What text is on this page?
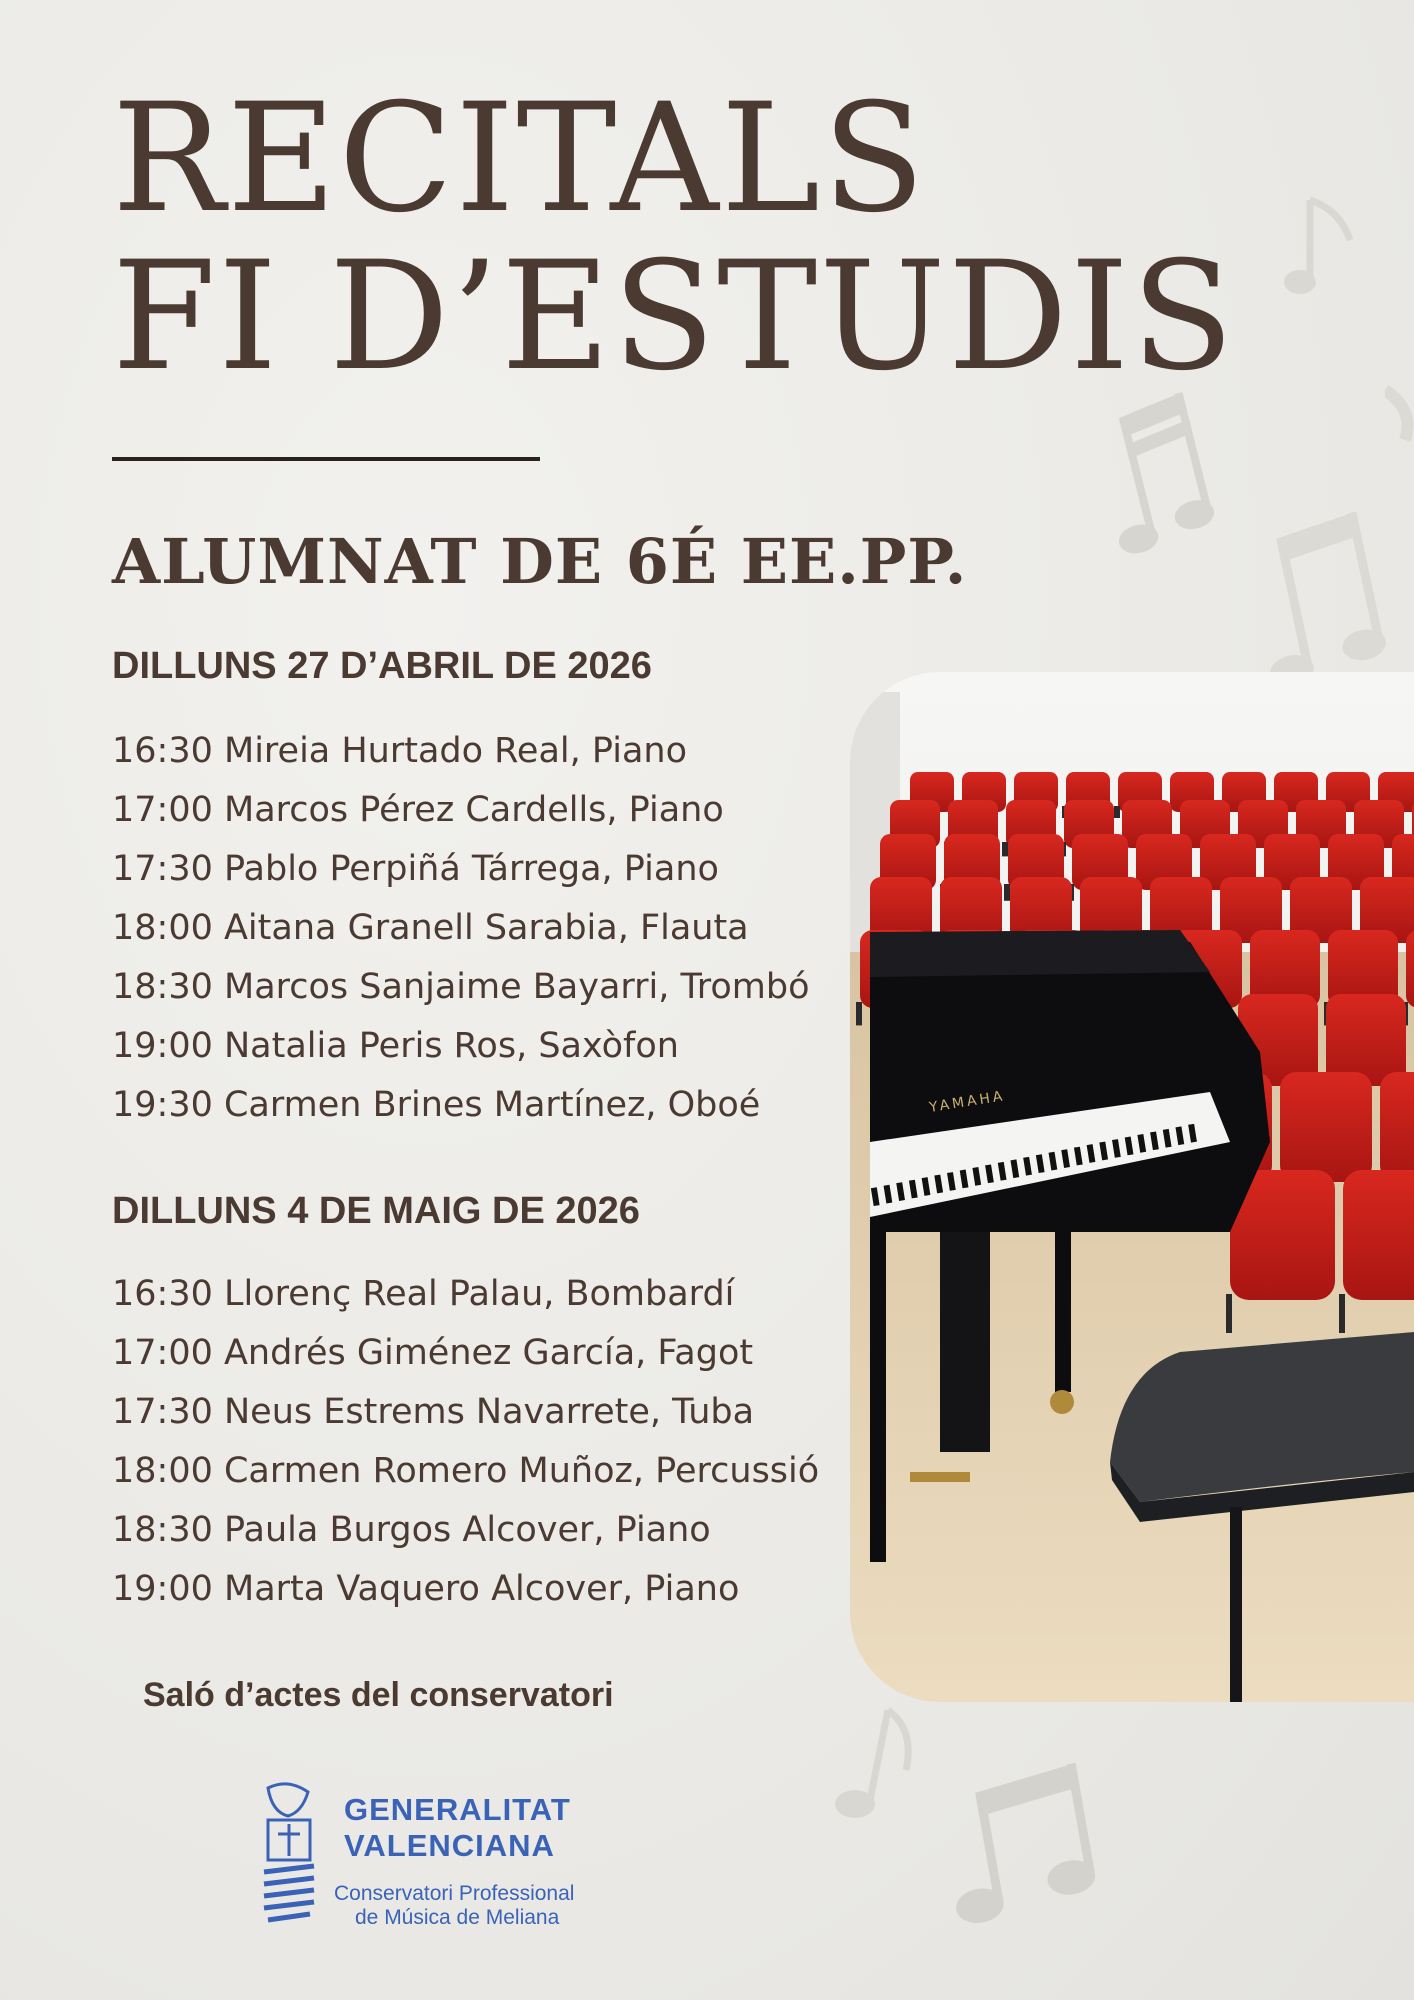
RECITALS
FI D’ESTUDIS
ALUMNAT DE 6É EE.PP.
DILLUNS 27 D’ABRIL DE 2026
16:30 Mireia Hurtado Real, Piano
17:00 Marcos Pérez Cardells, Piano
17:30 Pablo Perpiñá Tárrega, Piano
18:00 Aitana Granell Sarabia, Flauta
18:30 Marcos Sanjaime Bayarri, Trombó
19:00 Natalia Peris Ros, Saxòfon
19:30 Carmen Brines Martínez, Oboé
DILLUNS 4 DE MAIG DE 2026
16:30 Llorenç Real Palau, Bombardí
17:00 Andrés Giménez García, Fagot
17:30 Neus Estrems Navarrete, Tuba
18:00 Carmen Romero Muñoz, Percussió
18:30 Paula Burgos Alcover, Piano
19:00 Marta Vaquero Alcover, Piano
Saló d’actes del conservatori
YAMAHA
GENERALITAT
VALENCIANA
Conservatori Professional
de Música de Meliana
